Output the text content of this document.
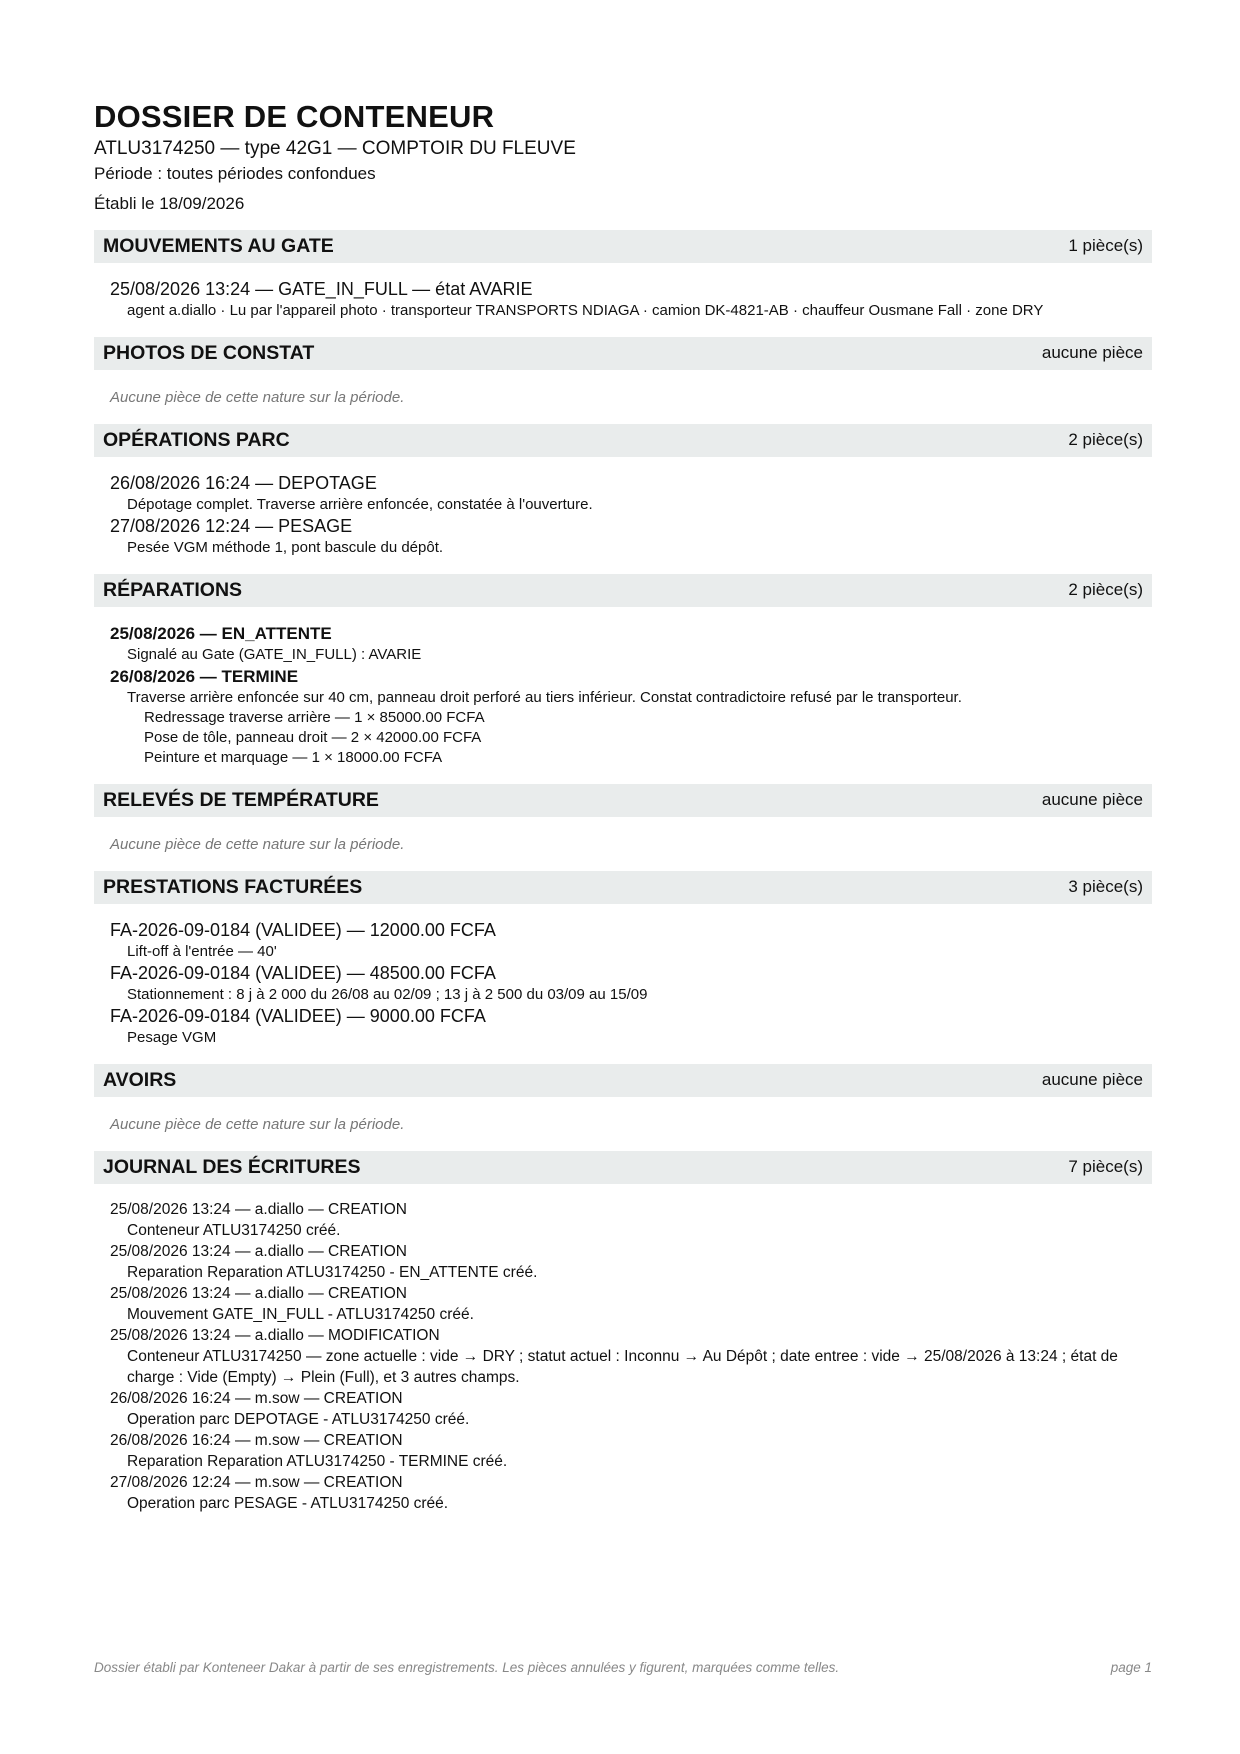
DOSSIER DE CONTENEUR
ATLU3174250 — type 42G1 — COMPTOIR DU FLEUVE
Période : toutes périodes confondues
Établi le 18/09/2026
MOUVEMENTS AU GATE	1 pièce(s)
25/08/2026 13:24 — GATE_IN_FULL — état AVARIE
agent a.diallo · Lu par l'appareil photo · transporteur TRANSPORTS NDIAGA · camion DK-4821-AB · chauffeur Ousmane Fall · zone DRY
PHOTOS DE CONSTAT	aucune pièce
Aucune pièce de cette nature sur la période.
OPÉRATIONS PARC	2 pièce(s)
26/08/2026 16:24 — DEPOTAGE
Dépotage complet. Traverse arrière enfoncée, constatée à l'ouverture.
27/08/2026 12:24 — PESAGE
Pesée VGM méthode 1, pont bascule du dépôt.
RÉPARATIONS	2 pièce(s)
25/08/2026 — EN_ATTENTE
Signalé au Gate (GATE_IN_FULL) : AVARIE
26/08/2026 — TERMINE
Traverse arrière enfoncée sur 40 cm, panneau droit perforé au tiers inférieur. Constat contradictoire refusé par le transporteur.
Redressage traverse arrière — 1 × 85000.00 FCFA
Pose de tôle, panneau droit — 2 × 42000.00 FCFA
Peinture et marquage — 1 × 18000.00 FCFA
RELEVÉS DE TEMPÉRATURE	aucune pièce
Aucune pièce de cette nature sur la période.
PRESTATIONS FACTURÉES	3 pièce(s)
FA-2026-09-0184 (VALIDEE) — 12000.00 FCFA
Lift-off à l'entrée — 40'
FA-2026-09-0184 (VALIDEE) — 48500.00 FCFA
Stationnement : 8 j à 2 000 du 26/08 au 02/09 ; 13 j à 2 500 du 03/09 au 15/09
FA-2026-09-0184 (VALIDEE) — 9000.00 FCFA
Pesage VGM
AVOIRS	aucune pièce
Aucune pièce de cette nature sur la période.
JOURNAL DES ÉCRITURES	7 pièce(s)
25/08/2026 13:24 — a.diallo — CREATION
Conteneur ATLU3174250 créé.
25/08/2026 13:24 — a.diallo — CREATION
Reparation Reparation ATLU3174250 - EN_ATTENTE créé.
25/08/2026 13:24 — a.diallo — CREATION
Mouvement GATE_IN_FULL - ATLU3174250 créé.
25/08/2026 13:24 — a.diallo — MODIFICATION
Conteneur ATLU3174250 — zone actuelle : vide → DRY ; statut actuel : Inconnu → Au Dépôt ; date entree : vide → 25/08/2026 à 13:24 ; état de charge : Vide (Empty) → Plein (Full), et 3 autres champs.
26/08/2026 16:24 — m.sow — CREATION
Operation parc DEPOTAGE - ATLU3174250 créé.
26/08/2026 16:24 — m.sow — CREATION
Reparation Reparation ATLU3174250 - TERMINE créé.
27/08/2026 12:24 — m.sow — CREATION
Operation parc PESAGE - ATLU3174250 créé.
Dossier établi par Konteneer Dakar à partir de ses enregistrements. Les pièces annulées y figurent, marquées comme telles.	page 1
